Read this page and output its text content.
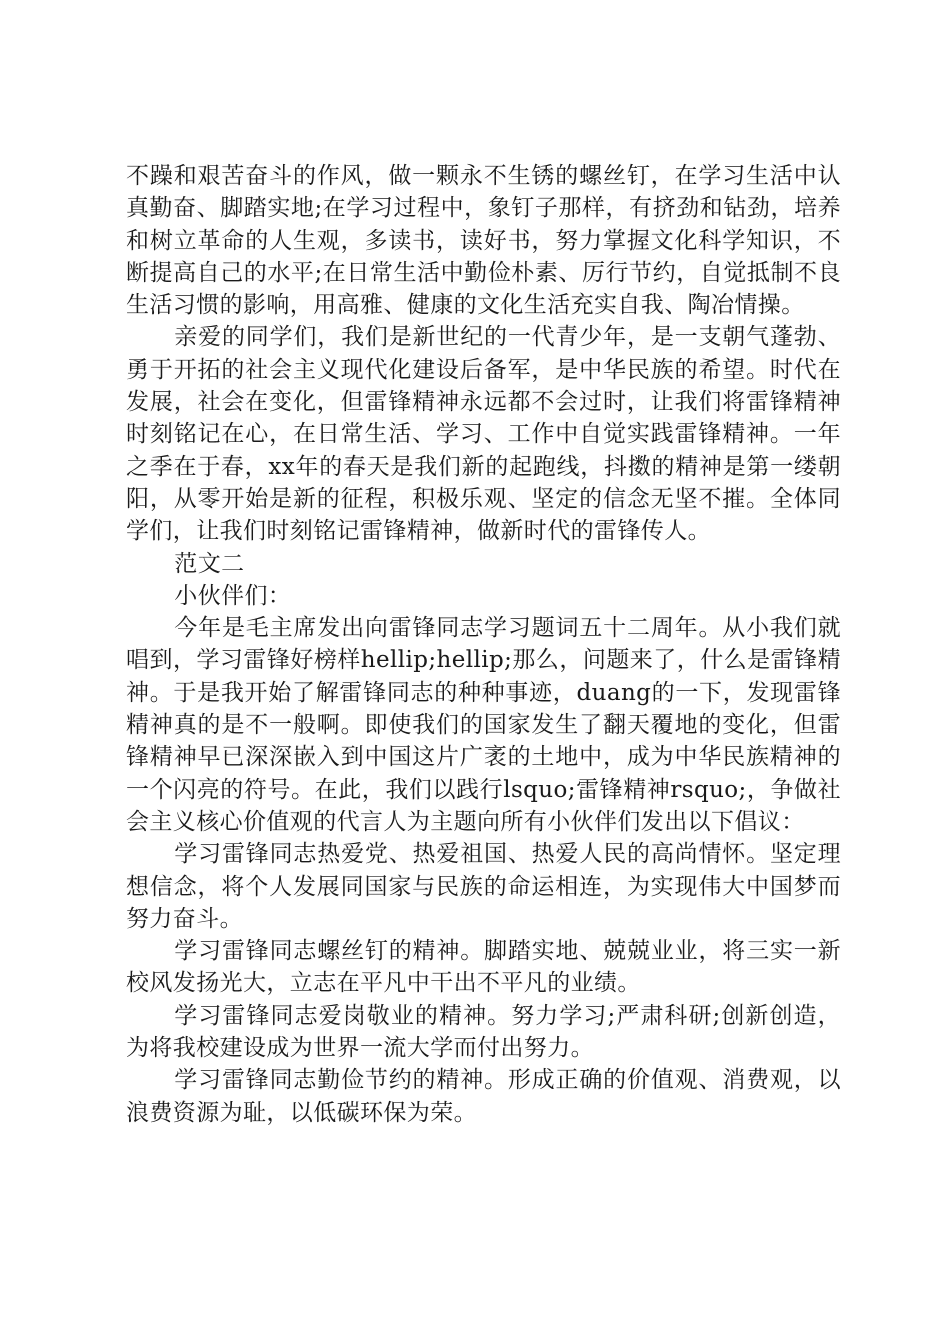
不躁和艰苦奋斗的作风，做一颗永不生锈的螺丝钉，在学习生活中认真勤奋、脚踏实地;在学习过程中，象钉子那样，有挤劲和钻劲，培养和树立革命的人生观，多读书，读好书，努力掌握文化科学知识，不断提高自己的水平;在日常生活中勤俭朴素、厉行节约，自觉抵制不良生活习惯的影响，用高雅、健康的文化生活充实自我、陶冶情操。

亲爱的同学们，我们是新世纪的一代青少年，是一支朝气蓬勃、勇于开拓的社会主义现代化建设后备军，是中华民族的希望。时代在发展，社会在变化，但雷锋精神永远都不会过时，让我们将雷锋精神时刻铭记在心，在日常生活、学习、工作中自觉实践雷锋精神。一年之季在于春，xx年的春天是我们新的起跑线，抖擞的精神是第一缕朝阳，从零开始是新的征程，积极乐观、坚定的信念无坚不摧。全体同学们，让我们时刻铭记雷锋精神，做新时代的雷锋传人。

范文二

小伙伴们：

今年是毛主席发出向雷锋同志学习题词五十二周年。从小我们就唱到，学习雷锋好榜样hellip;hellip;那么，问题来了，什么是雷锋精神。于是我开始了解雷锋同志的种种事迹，duang的一下，发现雷锋精神真的是不一般啊。即使我们的国家发生了翻天覆地的变化，但雷锋精神早已深深嵌入到中国这片广袤的土地中，成为中华民族精神的一个闪亮的符号。在此，我们以践行lsquo;雷锋精神rsquo;，争做社会主义核心价值观的代言人为主题向所有小伙伴们发出以下倡议：

学习雷锋同志热爱党、热爱祖国、热爱人民的高尚情怀。坚定理想信念，将个人发展同国家与民族的命运相连，为实现伟大中国梦而努力奋斗。

学习雷锋同志螺丝钉的精神。脚踏实地、兢兢业业，将三实一新校风发扬光大，立志在平凡中干出不平凡的业绩。

学习雷锋同志爱岗敬业的精神。努力学习;严肃科研;创新创造，为将我校建设成为世界一流大学而付出努力。

学习雷锋同志勤俭节约的精神。形成正确的价值观、消费观，以浪费资源为耻，以低碳环保为荣。
